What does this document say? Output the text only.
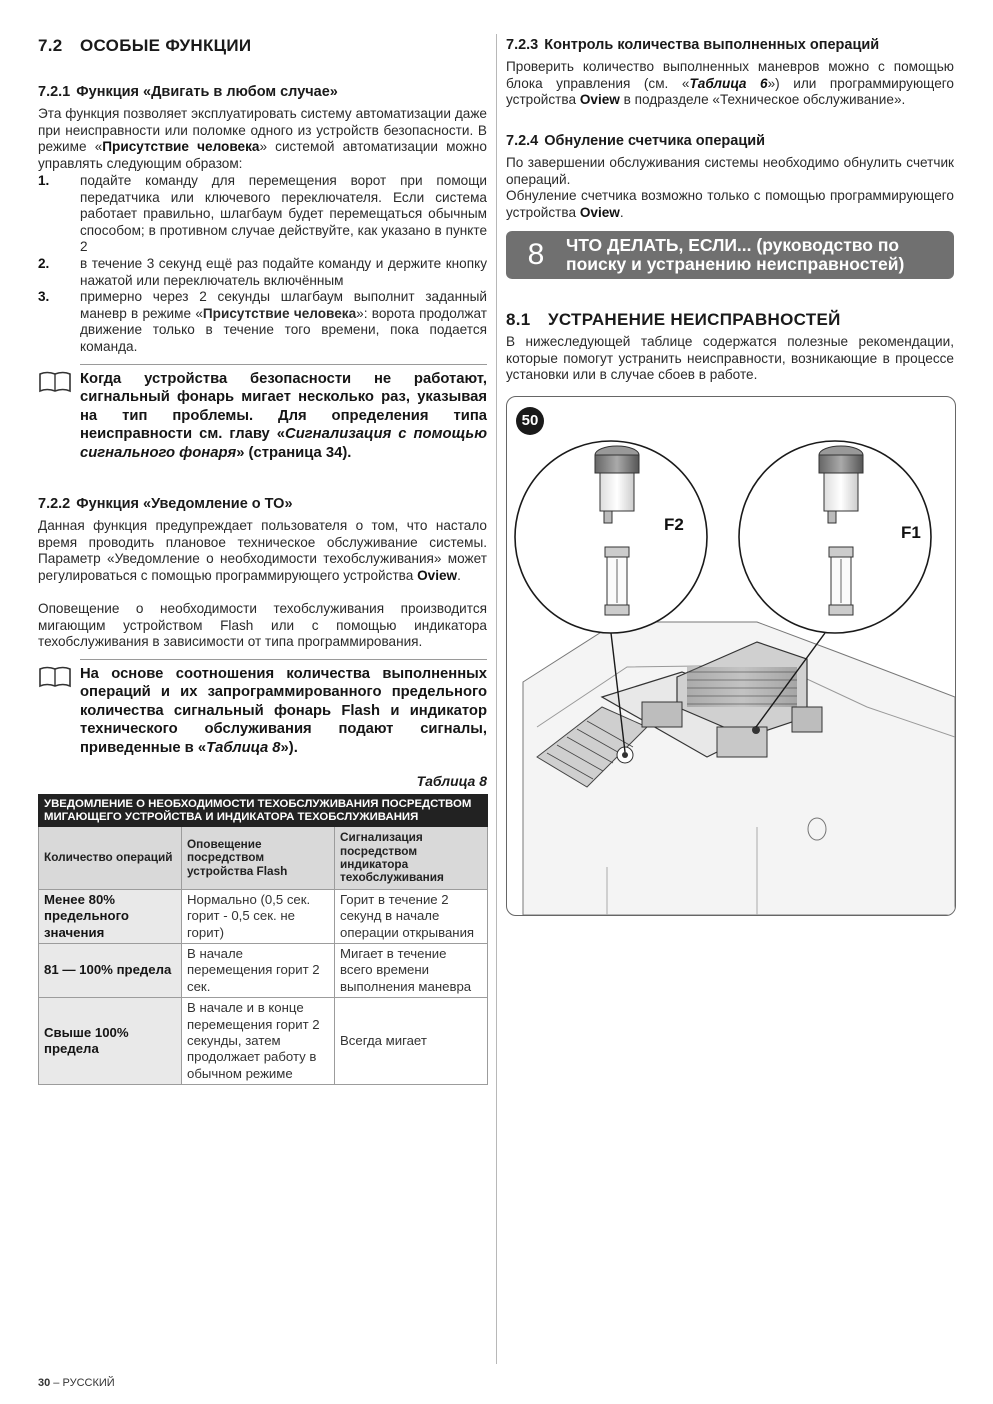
7.2 ОСОБЫЕ ФУНКЦИИ
7.2.1 Функция «Двигать в любом случае»

Эта функция позволяет эксплуатировать систему автоматизации даже при неисправности или поломке одного из устройств безопасности. В режиме «Присутствие человека» системой автоматизации можно управлять следующим образом:

1.	подайте команду для перемещения ворот при помощи передатчика или ключевого переключателя. Если система работает правильно, шлагбаум будет перемещаться обычным способом; в противном случае действуйте, как указано в пункте 2
2.	в течение 3 секунд ещё раз подайте команду и держите кнопку нажатой или переключатель включённым
3.	примерно через 2 секунды шлагбаум выполнит заданный маневр в режиме «Присутствие человека»: ворота продолжат движение только в течение того времени, пока подается команда.
Когда устройства безопасности не работают, сигнальный фонарь мигает несколько раз, указывая на тип проблемы. Для определения типа неисправности см. главу «Сигнализация с помощью сигнального фонаря» (страница 34).
7.2.2 Функция «Уведомление о ТО»

Данная функция предупреждает пользователя о том, что настало время проводить плановое техническое обслуживание системы. Параметр «Уведомление о необходимости техобслуживания» может регулироваться с помощью программирующего устройства Oview.

Оповещение о необходимости техобслуживания производится мигающим устройством Flash или с помощью индикатора техобслуживания в зависимости от типа программирования.

На основе соотношения количества выполненных операций и их запрограммированного предельного количества сигнальный фонарь Flash и индикатор технического обслуживания подают сигналы, приведенные в «Таблица 8»).
Таблица 8
УВЕДОМЛЕНИЕ О НЕОБХОДИМОСТИ ТЕХОБСЛУЖИВАНИЯ ПОСРЕДСТВОМ МИГАЮЩЕГО УСТРОЙСТВА И ИНДИКАТОРА ТЕХОБСЛУЖИВАНИЯ		
Количество операций	Оповещение посредством устройства Flash	Сигнализация посредством индикатора техобслуживания
Менее 80% предельного значения	Нормально (0,5 сек. горит - 0,5 сек. не горит)	Горит в течение 2 секунд в начале операции открывания
81 — 100% предела	В начале перемещения горит 2 сек.	Мигает в течение всего времени выполнения маневра
Свыше 100% предела	В начале и в конце перемещения горит 2 секунды, затем продолжает работу в обычном режиме	Всегда мигает
7.2.3 Контроль количества выполненных операций

Проверить количество выполненных маневров можно с помощью блока управления (см. «Таблица 6») или программирующего устройства Oview в подразделе «Техническое обслуживание».

7.2.4 Обнуление счетчика операций

По завершении обслуживания системы необходимо обнулить счетчик операций.

Обнуление счетчика возможно только с помощью программирующего устройства Oview.

8.1 УСТРАНЕНИЕ НЕИСПРАВНОСТЕЙ

В нижеследующей таблице содержатся полезные рекомендации, которые помогут устранить неисправности, возникающие в процессе установки или в случае сбоев в работе.

8	ЧТО ДЕЛАТЬ, ЕСЛИ... (руководство по
поиску и устранению неисправностей)
50
F2	F1
30 – РУССКИЙ
